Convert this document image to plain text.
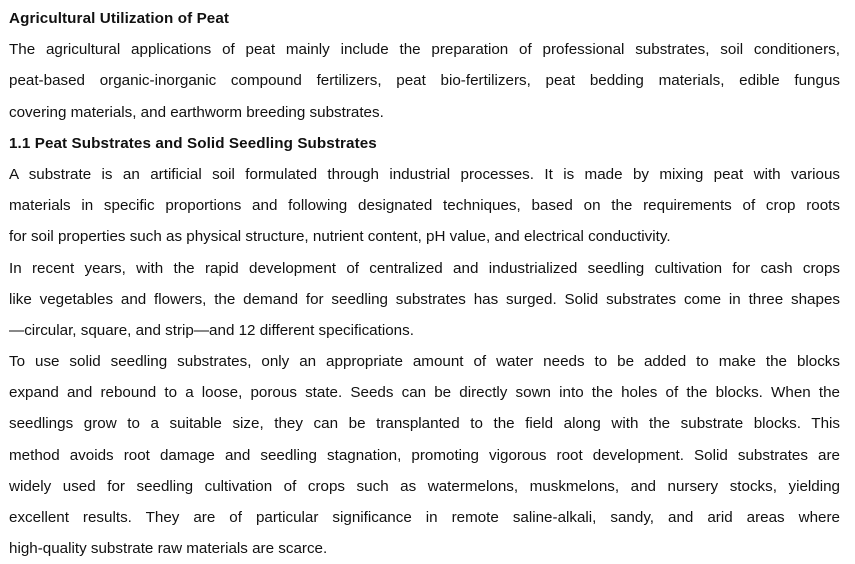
Agricultural Utilization of Peat
The agricultural applications of peat mainly include the preparation of professional substrates, soil conditioners,
peat-based organic-inorganic compound fertilizers, peat bio-fertilizers, peat bedding materials, edible fungus
covering materials, and earthworm breeding substrates.
1.1 Peat Substrates and Solid Seedling Substrates
A substrate is an artificial soil formulated through industrial processes. It is made by mixing peat with various
materials in specific proportions and following designated techniques, based on the requirements of crop roots
for soil properties such as physical structure, nutrient content, pH value, and electrical conductivity.
In recent years, with the rapid development of centralized and industrialized seedling cultivation for cash crops
like vegetables and flowers, the demand for seedling substrates has surged. Solid substrates come in three shapes
—circular, square, and strip—and 12 different specifications.
To use solid seedling substrates, only an appropriate amount of water needs to be added to make the blocks
expand and rebound to a loose, porous state. Seeds can be directly sown into the holes of the blocks. When the
seedlings grow to a suitable size, they can be transplanted to the field along with the substrate blocks. This
method avoids root damage and seedling stagnation, promoting vigorous root development. Solid substrates are
widely used for seedling cultivation of crops such as watermelons, muskmelons, and nursery stocks, yielding
excellent results. They are of particular significance in remote saline-alkali, sandy, and arid areas where
high-quality substrate raw materials are scarce.
